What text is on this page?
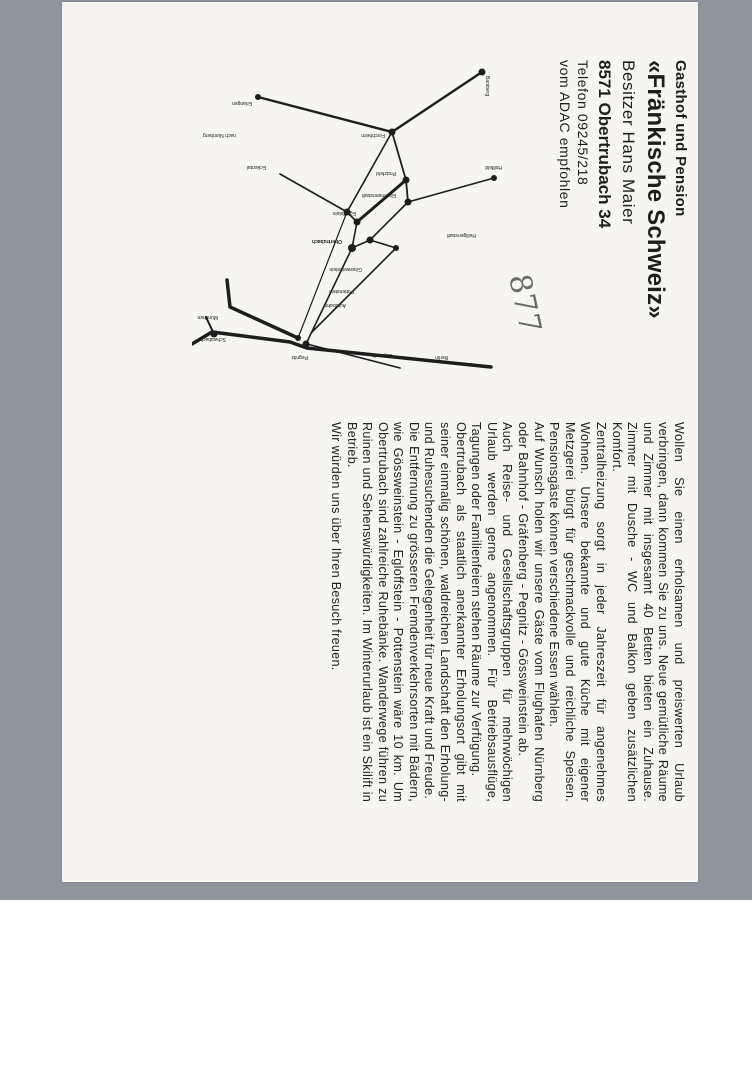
Gasthof und Pension
«Fränkische Schweiz»
Besitzer Hans Maier
8571 Obertrubach 34
Telefon 09245/218
vom ADAC empfohlen
877
Bamberg
Forchheim
Erlangen
nach Nürnberg
Pretzfeld
Ebermannstadt
Hollfeld
Eckental
Egloffstein
Obertrubach
Gössweinstein
Pottenstein
München
Schwabach
Autobahn
Berlin
Bayreuth
Pegnitz
Heiligenstadt

Wollen Sie einen erholsamen und preiswerten Urlaub verbringen, dann kommen Sie zu uns. Neue gemütliche Räume und Zimmer mit insgesamt 40 Betten bieten ein Zuhause. Zimmer mit Dusche - WC und Balkon geben zusätzlichen Komfort.

Zentralheizung sorgt in jeder Jahreszeit für angenehmes Wohnen. Unsere bekannte und gute Küche mit eigener Metzgerei bürgt für geschmackvolle und reichliche Speisen. Pensionsgäste können verschiedene Essen wählen.

Auf Wunsch holen wir unsere Gäste vom Flughafen Nürnberg oder Bahnhof - Gräfenberg - Pegnitz - Gössweinstein ab.

Auch Reise- und Gesellschaftsgruppen für mehrwöchigen Urlaub werden gerne angenommen. Für Betriebsausflüge, Tagungen oder Familienfeiern stehen Räume zur Verfügung.

Obertrubach als staatlich anerkannter Erholungsort gibt mit seiner einmalig schönen, waldreichen Landschaft den Erholung- und Ruhesuchenden die Gelegenheit für neue Kraft und Freude.

Die Entfernung zu grösseren Fremdenverkehrsorten mit Bädern, wie Gössweinstein - Egloffstein - Pottenstein wäre 10 km. Um Obertrubach sind zahlreiche Ruhebänke. Wanderwege führen zu Ruinen und Sehenswürdigkeiten. Im Winterurlaub ist ein Skilift in Betrieb.

Wir würden uns über Ihren Besuch freuen.
